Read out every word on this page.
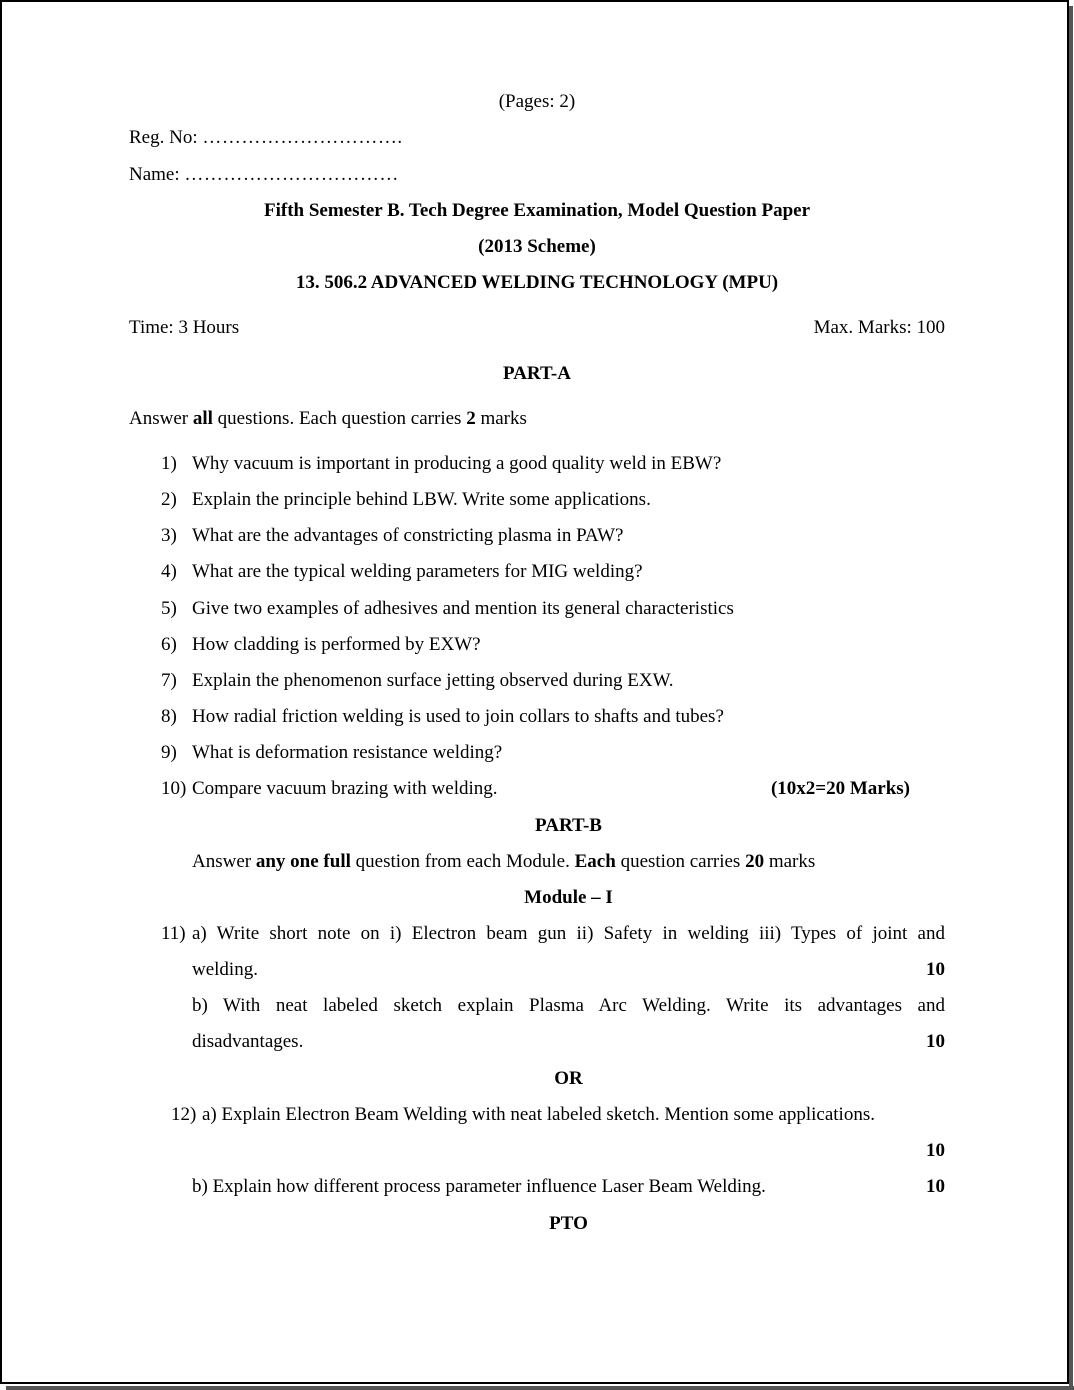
(Pages: 2)
Reg. No: ………………………….
Name: ……………………………
Fifth Semester B. Tech Degree Examination, Model Question Paper
(2013 Scheme)
13. 506.2 ADVANCED WELDING TECHNOLOGY (MPU)
Time: 3 Hours	Max. Marks: 100
PART-A
Answer all questions. Each question carries 2 marks
1) Why vacuum is important in producing a good quality weld in EBW?
2) Explain the principle behind LBW. Write some applications.
3) What are the advantages of constricting plasma in PAW?
4) What are the typical welding parameters for MIG welding?
5) Give two examples of adhesives and mention its general characteristics
6) How cladding is performed by EXW?
7) Explain the phenomenon surface jetting observed during EXW.
8) How radial friction welding is used to join collars to shafts and tubes?
9) What is deformation resistance welding?
10) Compare vacuum brazing with welding.	(10x2=20 Marks)
PART-B
Answer any one full question from each Module. Each question carries 20 marks
Module – I
11) a) Write short note on i) Electron beam gun ii) Safety in welding iii) Types of joint and
welding.	10
b) With neat labeled sketch explain Plasma Arc Welding. Write its advantages and
disadvantages.	10
OR
12) a) Explain Electron Beam Welding with neat labeled sketch. Mention some applications.
10
b) Explain how different process parameter influence Laser Beam Welding.	10
PTO
